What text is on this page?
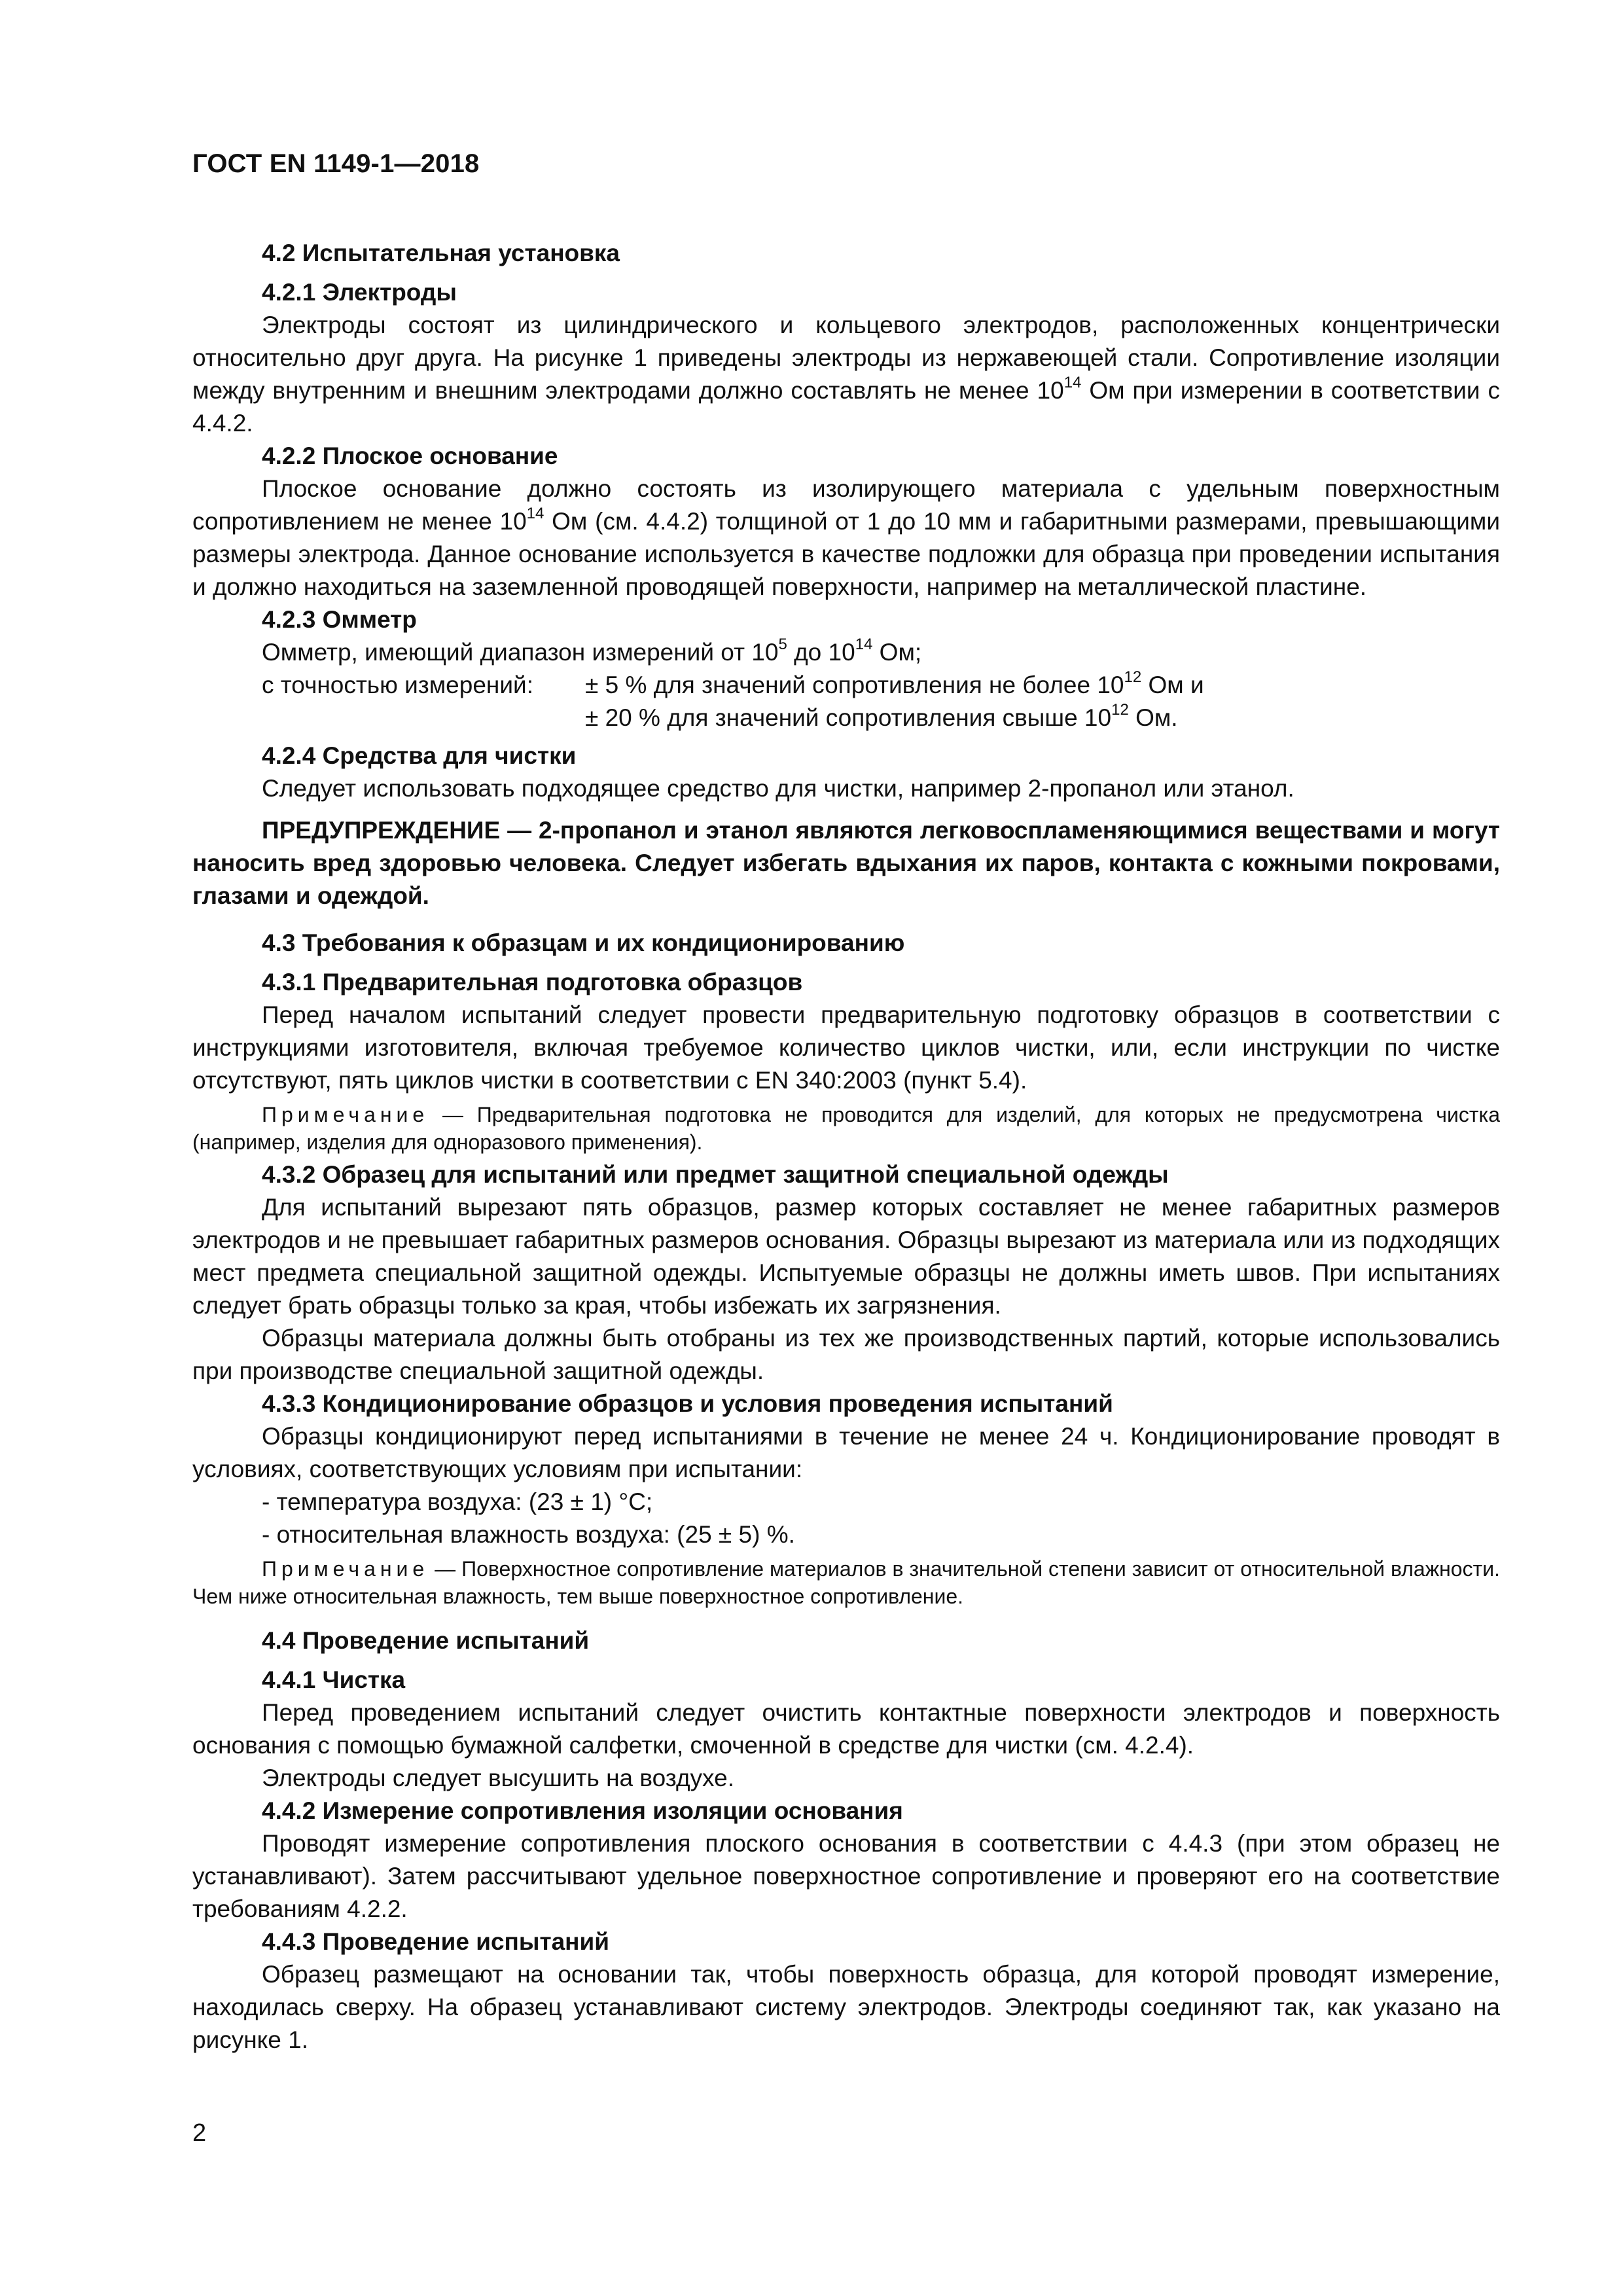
ГОСТ EN 1149-1—2018
4.2 Испытательная установка
4.2.1 Электроды

Электроды состоят из цилиндрического и кольцевого электродов, расположенных концентрически относительно друг друга. На рисунке 1 приведены электроды из нержавеющей стали. Сопротивление изоляции между внутренним и внешним электродами должно составлять не менее $10^{14}$ Ом при измерении в соответствии с 4.4.2.

4.2.2 Плоское основание

Плоское основание должно состоять из изолирующего материала с удельным поверхностным сопротивлением не менее $10^{14}$ Ом (см. 4.4.2) толщиной от 1 до 10 мм и габаритными размерами, превышающими размеры электрода. Данное основание используется в качестве подложки для образца при проведении испытания и должно находиться на заземленной проводящей поверхности, например на металлической пластине.

4.2.3 Омметр
Омметр, имеющий диапазон измерений от $10^5$ до $10^{14}$ Ом;
с точностью измерений:	± 5 % для значений сопротивления не более $10^{12}$ Ом и
± 20 % для значений сопротивления свыше $10^{12}$ Ом.
4.2.4 Средства для чистки

Следует использовать подходящее средство для чистки, например 2-пропанол или этанол.

ПРЕДУПРЕЖДЕНИЕ — 2-пропанол и этанол являются легковоспламеняющимися веществами и могут наносить вред здоровью человека. Следует избегать вдыхания их паров, контакта с кожными покровами, глазами и одеждой.

4.3 Требования к образцам и их кондиционированию
4.3.1 Предварительная подготовка образцов

Перед началом испытаний следует провести предварительную подготовку образцов в соответствии с инструкциями изготовителя, включая требуемое количество циклов чистки, или, если инструкции по чистке отсутствуют, пять циклов чистки в соответствии с EN 340:2003 (пункт 5.4).

Примечание — Предварительная подготовка не проводится для изделий, для которых не предусмотрена чистка (например, изделия для одноразового применения).

4.3.2 Образец для испытаний или предмет защитной специальной одежды

Для испытаний вырезают пять образцов, размер которых составляет не менее габаритных размеров электродов и не превышает габаритных размеров основания. Образцы вырезают из материала или из подходящих мест предмета специальной защитной одежды. Испытуемые образцы не должны иметь швов. При испытаниях следует брать образцы только за края, чтобы избежать их загрязнения.

Образцы материала должны быть отобраны из тех же производственных партий, которые использовались при производстве специальной защитной одежды.

4.3.3 Кондиционирование образцов и условия проведения испытаний

Образцы кондиционируют перед испытаниями в течение не менее 24 ч. Кондиционирование проводят в условиях, соответствующих условиям при испытании:

- температура воздуха: (23 ± 1) °С;
- относительная влажность воздуха: (25 ± 5) %.

Примечание — Поверхностное сопротивление материалов в значительной степени зависит от относительной влажности. Чем ниже относительная влажность, тем выше поверхностное сопротивление.

4.4 Проведение испытаний
4.4.1 Чистка

Перед проведением испытаний следует очистить контактные поверхности электродов и поверхность основания с помощью бумажной салфетки, смоченной в средстве для чистки (см. 4.2.4).

Электроды следует высушить на воздухе.

4.4.2 Измерение сопротивления изоляции основания

Проводят измерение сопротивления плоского основания в соответствии с 4.4.3 (при этом образец не устанавливают). Затем рассчитывают удельное поверхностное сопротивление и проверяют его на соответствие требованиям 4.2.2.

4.4.3 Проведение испытаний

Образец размещают на основании так, чтобы поверхность образца, для которой проводят измерение, находилась сверху. На образец устанавливают систему электродов. Электроды соединяют так, как указано на рисунке 1.

2
